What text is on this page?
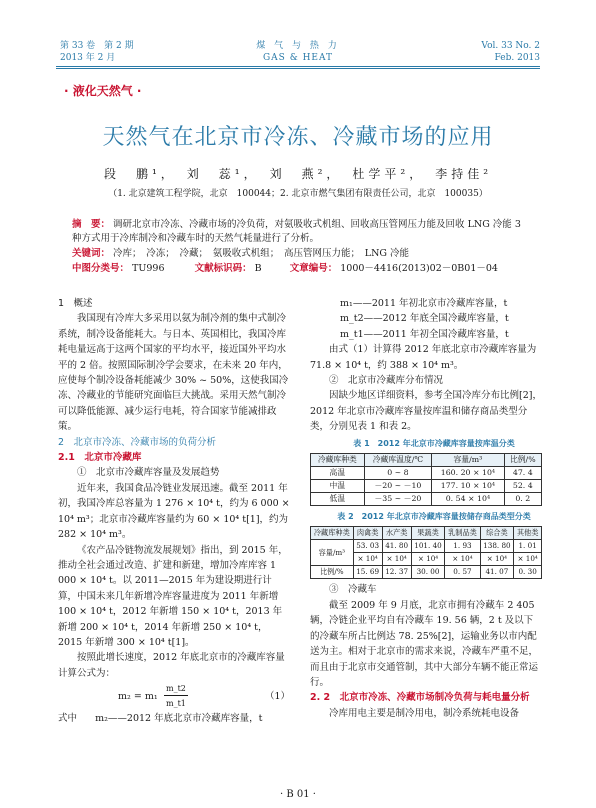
第 33 卷　第 2 期
2013 年 2 月
煤 气 与 热 力
GAS & HEAT
Vol. 33 No. 2
Feb. 2013
· 液化天然气 ·
天然气在北京市冷冻、冷藏市场的应用
段　鹏¹，　刘　蕊¹，　刘　燕²，　杜学平²，　李持佳²
（1. 北京建筑工程学院，北京　100044；2. 北京市燃气集团有限责任公司，北京　100035）
摘　要： 调研北京市冷冻、冷藏市场的冷负荷，对氨吸收式机组、回收高压管网压力能及回收 LNG 冷能 3 种方式用于冷库制冷和冷藏车时的天然气耗量进行了分析。
关键词： 冷库；　冷冻；　冷藏；　氨吸收式机组；　高压管网压力能；　LNG 冷能
中图分类号： TU996	文献标识码： B	文章编号： 1000－4416(2013)02－0B01－04

1　概述

我国现有冷库大多采用以氨为制冷剂的集中式制冷系统，制冷设备能耗大。与日本、英国相比，我国冷库耗电量远高于这两个国家的平均水平，接近国外平均水平的 2 倍。按照国际制冷学会要求，在未来 20 年内，应使每个制冷设备耗能减少 30% ~ 50%，这使我国冷冻、冷藏业的节能研究面临巨大挑战。采用天然气制冷可以降低能源、减少运行电耗，符合国家节能减排政策。

2　北京市冷冻、冷藏市场的负荷分析

2.1　北京市冷藏库

①　北京市冷藏库容量及发展趋势

近年来，我国食品冷链业发展迅速。截至 2011 年初，我国冷库总容量为 1 276 × 10⁴ t，约为 6 000 × 10⁴ m³；北京市冷藏库容量约为 60 × 10⁴ t[1]，约为 282 × 10⁴ m³。

《农产品冷链物流发展规划》指出，到 2015 年，推动全社会通过改造、扩建和新建，增加冷库库容 1 000 × 10⁴ t。以 2011—2015 年为建设期进行计算，中国未来几年新增冷库容量进度为 2011 年新增 100 × 10⁴ t，2012 年新增 150 × 10⁴ t，2013 年新增 200 × 10⁴ t，2014 年新增 250 × 10⁴ t，2015 年新增 300 × 10⁴ t[1]。

按照此增长速度，2012 年底北京市的冷藏库容量计算公式为：

m₂ = m₁
m_t2
m_t1
（1）

式中 m₂——2012 年底北京市冷藏库容量，t

m₁——2011 年初北京市冷藏库容量，t

m_t2——2012 年底全国冷藏库容量，t

m_t1——2011 年初全国冷藏库容量，t

由式（1）计算得 2012 年底北京市冷藏库容量为 71.8 × 10⁴ t，约 388 × 10⁴ m³。

②　北京市冷藏库分布情况

因缺少地区详细资料，参考全国冷库分布比例[2]，2012 年北京市冷藏库容量按库温和储存商品类型分类，分别见表 1 和表 2。

表 1　2012 年北京市冷藏库容量按库温分类

冷藏库种类	冷藏库温度/℃	容量/m³	比例/%
高温	0 ~ 8	160. 20 × 10⁴	47. 4
中温	－20 ~ －10	177. 10 × 10⁴	52. 4
低温	－35 ~ －20	0. 54 × 10⁴	0. 2

表 2　2012 年北京市冷藏库容量按储存商品类型分类

冷藏库种类	肉禽类	水产类	果蔬类	乳制品类	综合类	其他类
容量/m³	53. 03	41. 80	101. 40	1. 93	138. 80	1. 01
	× 10⁴	× 10⁴	× 10⁴	× 10⁴	× 10⁴	× 10⁴
比例/%	15. 69	12. 37	30. 00	0. 57	41. 07	0. 30

③　冷藏车

截至 2009 年 9 月底，北京市拥有冷藏车 2 405 辆，冷链企业平均自有冷藏车 19. 56 辆，2 t 及以下的冷藏车所占比例达 78. 25%[2]，运输业务以市内配送为主。相对于北京市的需求来说，冷藏车严重不足，而且由于北京市交通管制，其中大部分车辆不能正常运行。

2. 2　北京市冷冻、冷藏市场制冷负荷与耗电量分析

冷库用电主要是制冷用电，制冷系统耗电设备

· B 01 ·
